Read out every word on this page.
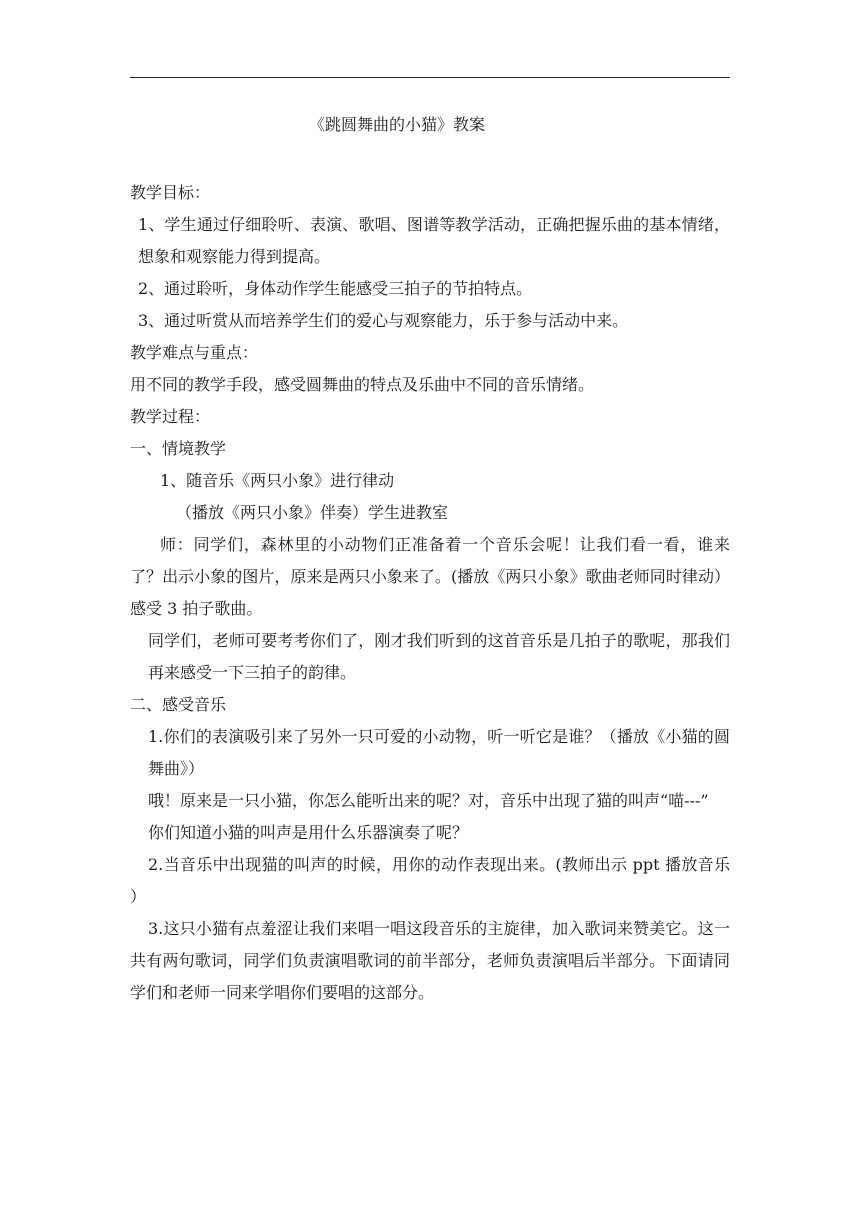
《跳圆舞曲的小猫》教案

教学目标：

1、学生通过仔细聆听、表演、歌唱、图谱等教学活动，正确把握乐曲的基本情绪，想象和观察能力得到提高。

2、通过聆听，身体动作学生能感受三拍子的节拍特点。

3、通过听赏从而培养学生们的爱心与观察能力，乐于参与活动中来。

教学难点与重点：

用不同的教学手段，感受圆舞曲的特点及乐曲中不同的音乐情绪。

教学过程：

一、情境教学

1、随音乐《两只小象》进行律动

（播放《两只小象》伴奏）学生进教室

师：同学们，森林里的小动物们正准备着一个音乐会呢！让我们看一看，谁来了？出示小象的图片，原来是两只小象来了。(播放《两只小象》歌曲老师同时律动）感受 3 拍子歌曲。

同学们，老师可要考考你们了，刚才我们听到的这首音乐是几拍子的歌呢，那我们再来感受一下三拍子的韵律。

二、感受音乐

1.你们的表演吸引来了另外一只可爱的小动物，听一听它是谁？（播放《小猫的圆舞曲》）

哦！原来是一只小猫，你怎么能听出来的呢？对，音乐中出现了猫的叫声“喵---”

你们知道小猫的叫声是用什么乐器演奏了呢？

2.当音乐中出现猫的叫声的时候，用你的动作表现出来。(教师出示 ppt 播放音乐 ）

3.这只小猫有点羞涩让我们来唱一唱这段音乐的主旋律，加入歌词来赞美它。这一共有两句歌词，同学们负责演唱歌词的前半部分，老师负责演唱后半部分。下面请同学们和老师一同来学唱你们要唱的这部分。
